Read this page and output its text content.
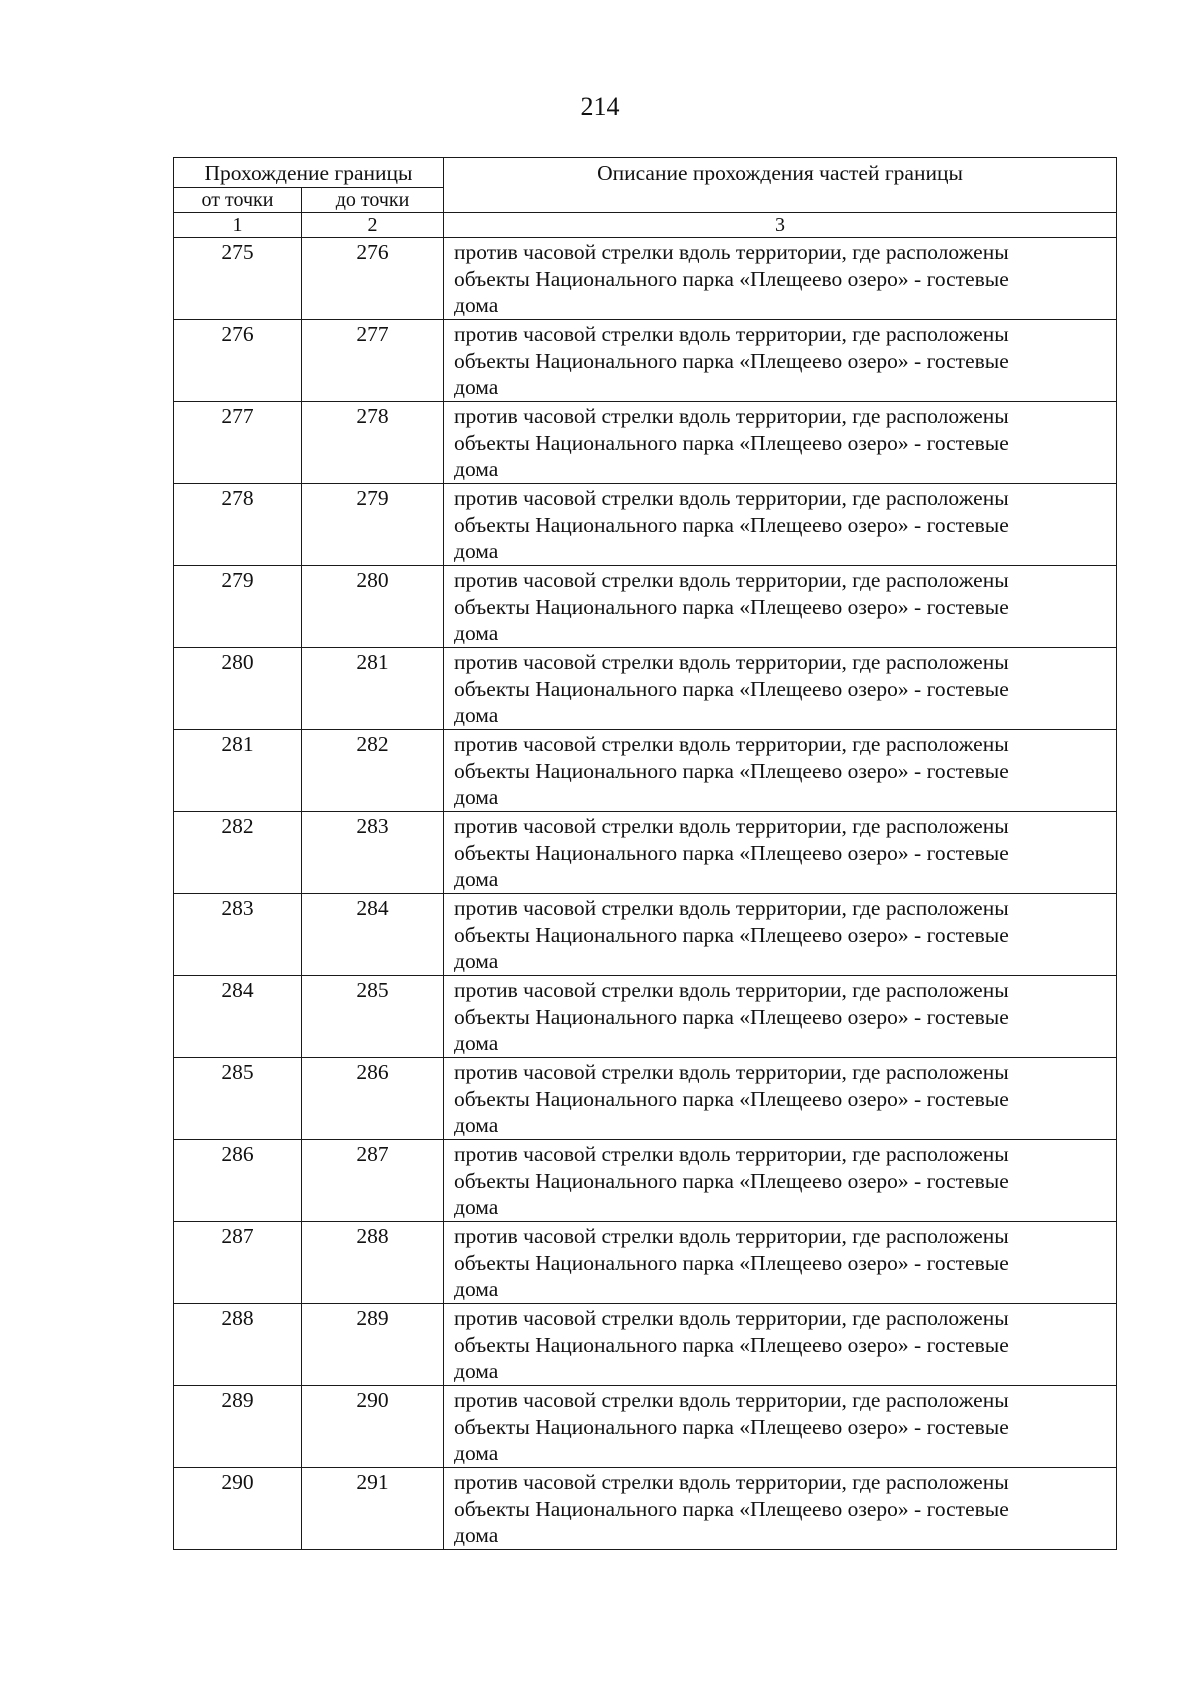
214
Прохождение границы		Описание прохождения частей границы
от точки	до точки	
1	2	3
275	276	против часовой стрелки вдоль территории, где расположены
объекты Национального парка «Плещеево озеро» - гостевые
дома

276	277	против часовой стрелки вдоль территории, где расположены
объекты Национального парка «Плещеево озеро» - гостевые
дома

277	278	против часовой стрелки вдоль территории, где расположены
объекты Национального парка «Плещеево озеро» - гостевые
дома

278	279	против часовой стрелки вдоль территории, где расположены
объекты Национального парка «Плещеево озеро» - гостевые
дома

279	280	против часовой стрелки вдоль территории, где расположены
объекты Национального парка «Плещеево озеро» - гостевые
дома

280	281	против часовой стрелки вдоль территории, где расположены
объекты Национального парка «Плещеево озеро» - гостевые
дома

281	282	против часовой стрелки вдоль территории, где расположены
объекты Национального парка «Плещеево озеро» - гостевые
дома

282	283	против часовой стрелки вдоль территории, где расположены
объекты Национального парка «Плещеево озеро» - гостевые
дома

283	284	против часовой стрелки вдоль территории, где расположены
объекты Национального парка «Плещеево озеро» - гостевые
дома

284	285	против часовой стрелки вдоль территории, где расположены
объекты Национального парка «Плещеево озеро» - гостевые
дома

285	286	против часовой стрелки вдоль территории, где расположены
объекты Национального парка «Плещеево озеро» - гостевые
дома

286	287	против часовой стрелки вдоль территории, где расположены
объекты Национального парка «Плещеево озеро» - гостевые
дома

287	288	против часовой стрелки вдоль территории, где расположены
объекты Национального парка «Плещеево озеро» - гостевые
дома

288	289	против часовой стрелки вдоль территории, где расположены
объекты Национального парка «Плещеево озеро» - гостевые
дома

289	290	против часовой стрелки вдоль территории, где расположены
объекты Национального парка «Плещеево озеро» - гостевые
дома

290	291	против часовой стрелки вдоль территории, где расположены
объекты Национального парка «Плещеево озеро» - гостевые
дома
